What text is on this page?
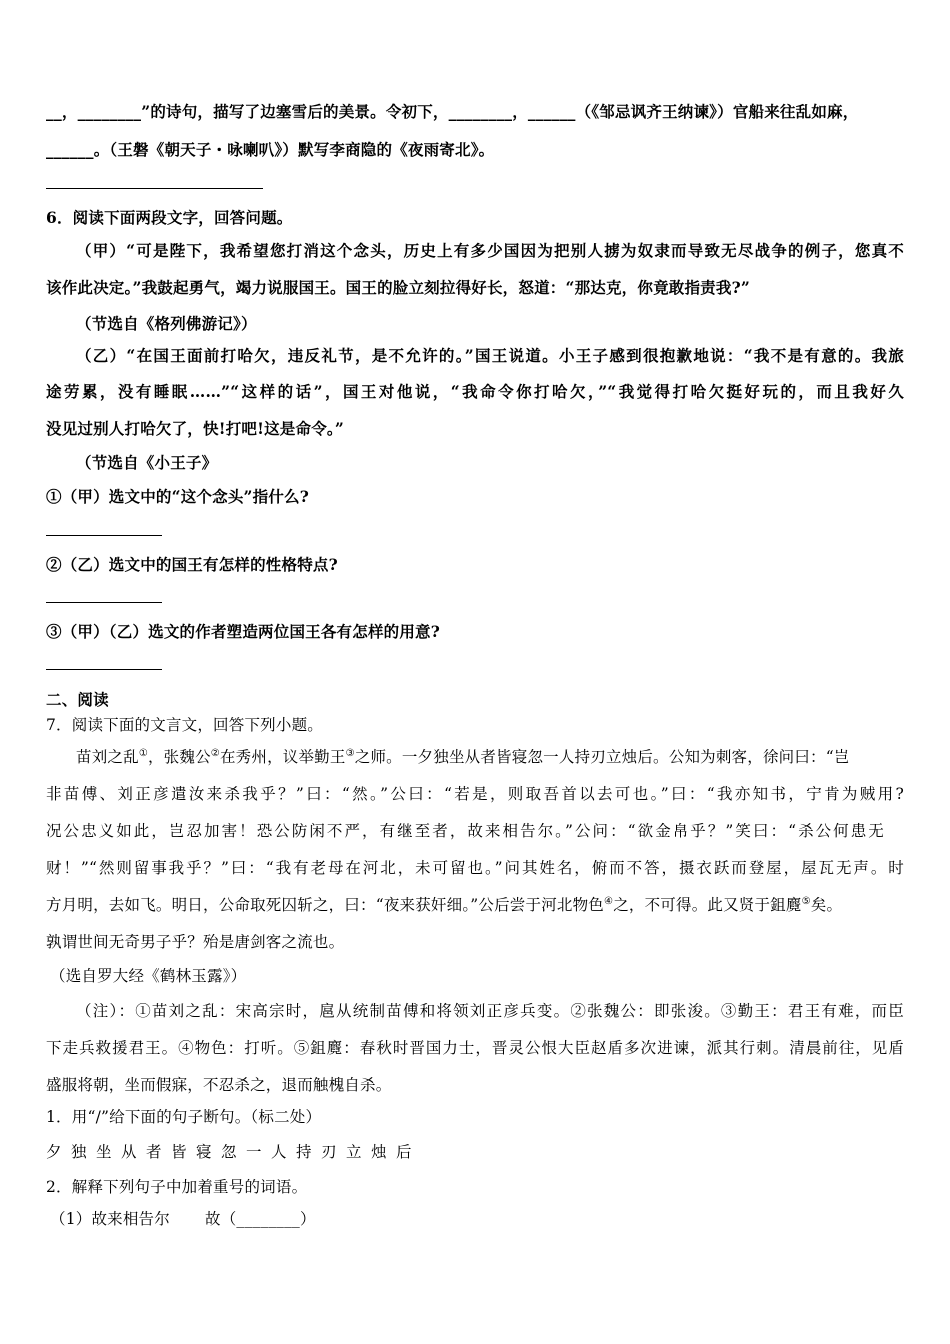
__，________”的诗句，描写了边塞雪后的美景。令初下，________，______（《邹忌讽齐王纳谏》）官船来往乱如麻，
______。（王磐《朝天子・咏喇叭》）默写李商隐的《夜雨寄北》。
6．阅读下面两段文字，回答问题。
（甲）“可是陛下，我希望您打消这个念头，历史上有多少国因为把别人掳为奴隶而导致无尽战争的例子，您真不
该作此决定。”我鼓起勇气，竭力说服国王。国王的脸立刻拉得好长，怒道：“那达克，你竟敢指责我?”
（节选自《格列佛游记》）
（乙）“在国王面前打哈欠，违反礼节，是不允许的。”国王说道。小王子感到很抱歉地说：“我不是有意的。我旅
途劳累，没有睡眠……”“这样的话”，国王对他说，“我命令你打哈欠，”“我觉得打哈欠挺好玩的，而且我好久
没见过别人打哈欠了，快!打吧!这是命令。”
（节选自《小王子》
①（甲）选文中的“这个念头”指什么?
②（乙）选文中的国王有怎样的性格特点?
③（甲）（乙）选文的作者塑造两位国王各有怎样的用意?
二、阅读
7．阅读下面的文言文，回答下列小题。
苗刘之乱①，张魏公②在秀州，议举勤王③之师。一夕独坐从者皆寝忽一人持刃立烛后。公知为刺客，徐问曰：“岂
非苗傅、刘正彦遣汝来杀我乎？”曰：“然。”公曰：“若是，则取吾首以去可也。”曰：“我亦知书，宁肯为贼用?
况公忠义如此，岂忍加害！恐公防闲不严，有继至者，故来相告尔。”公问：“欲金帛乎？”笑曰：“杀公何患无
财！”“然则留事我乎？”曰：“我有老母在河北，未可留也。”问其姓名，俯而不答，摄衣跃而登屋，屋瓦无声。时
方月明，去如飞。明日，公命取死囚斩之，曰：“夜来获奸细。”公后尝于河北物色④之，不可得。此又贤于鉏麑⑤矣。
孰谓世间无奇男子乎？殆是唐剑客之流也。
（选自罗大经《鹤林玉露》）
（注）：①苗刘之乱：宋高宗时，扈从统制苗傅和将领刘正彦兵变。②张魏公：即张浚。③勤王：君王有难，而臣
下走兵救援君王。④物色：打听。⑤鉏麑：春秋时晋国力士，晋灵公恨大臣赵盾多次进谏，派其行刺。清晨前往，见盾
盛服将朝，坐而假寐，不忍杀之，退而触槐自杀。
1．用“/”给下面的句子断句。（标二处）
夕独坐从者皆寝忽一人持刃立烛后
2．解释下列句子中加着重号的词语。
（1）故来相告尔	故（________）
